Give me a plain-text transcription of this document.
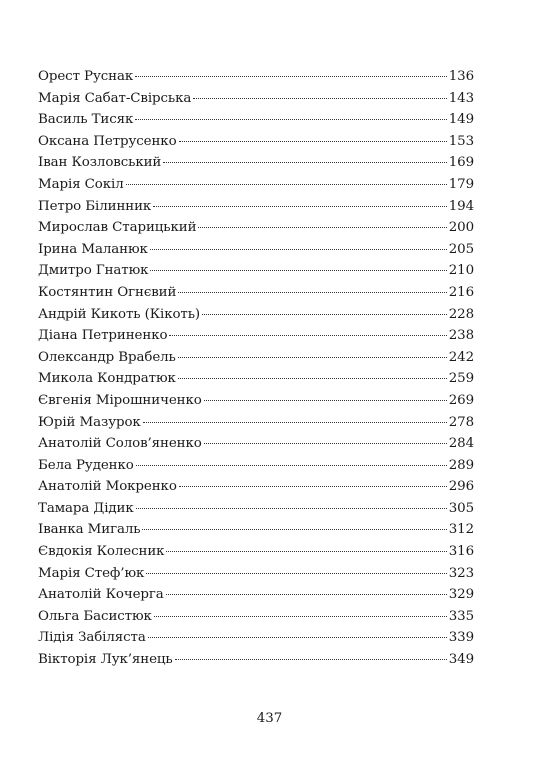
Орест Руснак	136
Марія Сабат-Свірська	143
Василь Тисяк	149
Оксана Петрусенко	153
Іван Козловський	169
Марія Сокіл	179
Петро Білинник	194
Мирослав Старицький	200
Ірина Маланюк	205
Дмитро Гнатюк	210
Костянтин Огнєвий	216
Андрій Кикоть (Кікоть)	228
Діана Петриненко	238
Олександр Врабель	242
Микола Кондратюк	259
Євгенія Мірошниченко	269
Юрій Мазурок	278
Анатолій Солов’яненко	284
Бела Руденко	289
Анатолій Мокренко	296
Тамара Дідик	305
Іванка Мигаль	312
Євдокія Колесник	316
Марія Стеф’юк	323
Анатолій Кочерга	329
Ольга Басистюк	335
Лідія Забіляста	339
Вікторія Лук’янець	349
437
